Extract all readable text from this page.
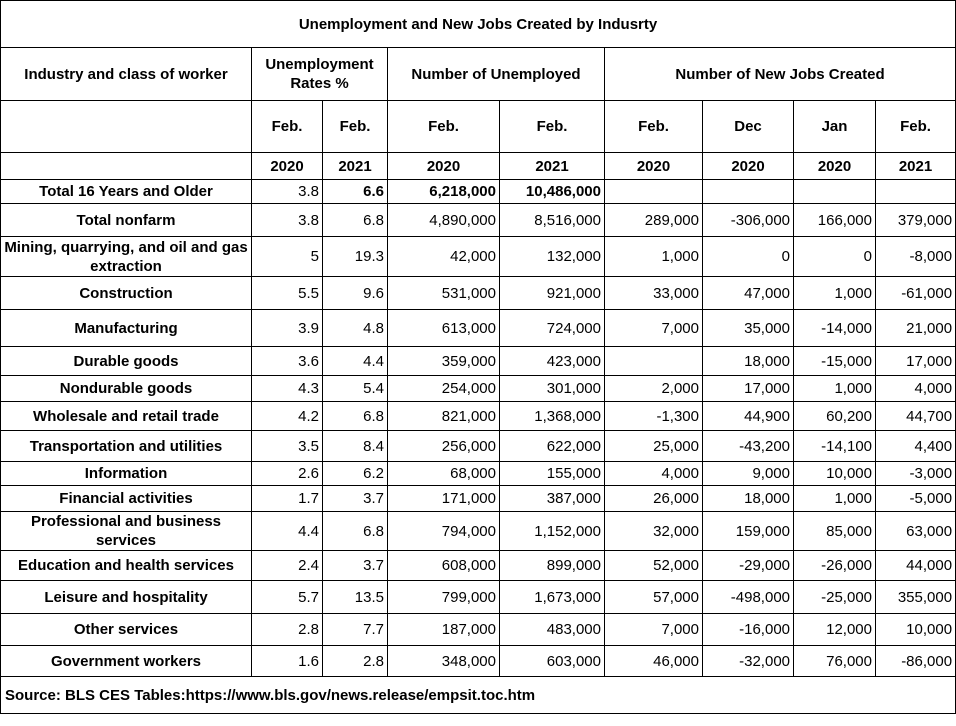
Unemployment and New Jobs Created by Indusrty								
Industry and class of worker	Unemployment Rates %		Number of Unemployed		Number of New Jobs Created			
	Feb.	Feb.	Feb.	Feb.	Feb.	Dec	Jan	Feb.
	2020	2021	2020	2021	2020	2020	2020	2021
Total 16 Years and Older	3.8	6.6	6,218,000	10,486,000				
Total nonfarm	3.8	6.8	4,890,000	8,516,000	289,000	-306,000	166,000	379,000
Mining, quarrying, and oil and gas extraction	5	19.3	42,000	132,000	1,000	0	0	-8,000
Construction	5.5	9.6	531,000	921,000	33,000	47,000	1,000	-61,000
Manufacturing	3.9	4.8	613,000	724,000	7,000	35,000	-14,000	21,000
Durable goods	3.6	4.4	359,000	423,000		18,000	-15,000	17,000
Nondurable goods	4.3	5.4	254,000	301,000	2,000	17,000	1,000	4,000
Wholesale and retail trade	4.2	6.8	821,000	1,368,000	-1,300	44,900	60,200	44,700
Transportation and utilities	3.5	8.4	256,000	622,000	25,000	-43,200	-14,100	4,400
Information	2.6	6.2	68,000	155,000	4,000	9,000	10,000	-3,000
Financial activities	1.7	3.7	171,000	387,000	26,000	18,000	1,000	-5,000
Professional and business services	4.4	6.8	794,000	1,152,000	32,000	159,000	85,000	63,000
Education and health services	2.4	3.7	608,000	899,000	52,000	-29,000	-26,000	44,000
Leisure and hospitality	5.7	13.5	799,000	1,673,000	57,000	-498,000	-25,000	355,000
Other services	2.8	7.7	187,000	483,000	7,000	-16,000	12,000	10,000
Government workers	1.6	2.8	348,000	603,000	46,000	-32,000	76,000	-86,000
Source: BLS CES Tables:https://www.bls.gov/news.release/empsit.toc.htm								
